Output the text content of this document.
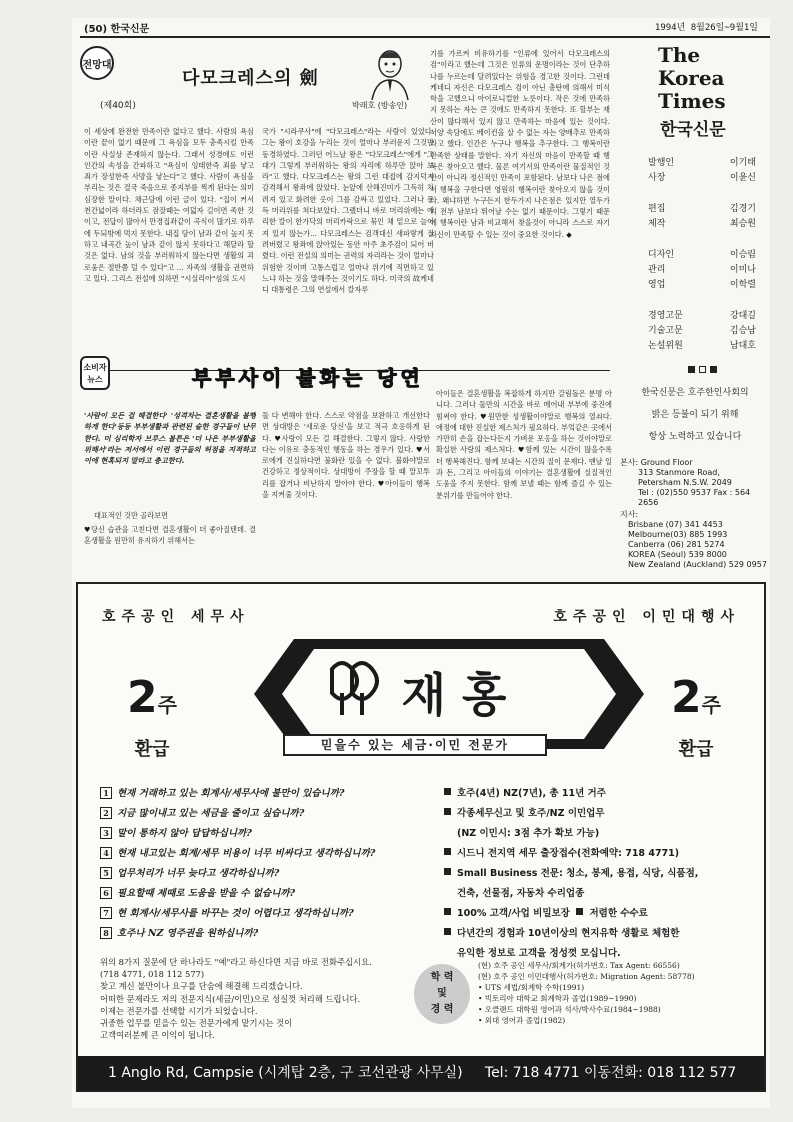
(50) 한국신문	1994년 8월26일~9월1일
전망대
다모크레스의 劍
(제40회)	박래호 (방송인)
이 세상에 완전한 만족이란 없다고 했다. 사람의 욕심이란 끝이 없기 때문에 그 욕심을 모두 충족시킬 만족이란 사실상 존재하지 않는다. 그래서 성경에도 이런 인간의 속성을 간파하고 "욕심이 잉태한즉 죄를 낳고 죄가 장성한즉 사망을 낳는다"고 했다. 사람이 욕심을 부리는 것은 결국 죽음으로 종지부를 찍게 된다는 의미심장한 말이다. 채근담에 이런 글이 있다. "집이 커서 천간넓이라 하더라도 잠잘때는 여덟자 길이면 족한 것이고, 전답이 많아서 만경집좌같이 곡식이 많기로 하루에 두되밖에 먹지 못한다. 내집 담이 남과 같이 높지 못하고 내곡간 높이 남과 같이 않지 못하다고 해달라 할 것은 없다. 남의 것을 부러워하지 않는다면 생활의 괴로움은 절반쯤 덜 수 있다"고 ... 자족의 생활을 권면하고 있다. 그리스 전설에 의하면 "시실리아"섬의 도시
국가 "시라쿠사"에 "다모크레스"라는 사람이 있었다. 그는 왕이 호강을 누리는 것이 얼마나 부러운지 그것만 동경하였다. 그러던 어느날 왕은 "다모크레스"에게 "그대가 그렇게 부러워하는 왕의 자리에 하루만 앉아 보라"고 했다. 다모크레스는 왕의 그런 대접에 감지덕지 감격해서 왕좌에 앉았다. 눈앞에 산해진미가 그득히 차려져 있고 화려한 옷이 그를 감싸고 있었다. 그러나 문득 머리위를 쳐다보았다. 그랬더니 바로 머리위에는 예리한 칼이 한가닥의 머리카락으로 묶인 채 밑으로 늘어져 있지 않는가... 다모크레스는 검객대신 새파랗게 질려버렸고 왕좌에 앉아있는 동안 아주 초주검이 되어 버렸다. 이런 전설의 의미는 권력의 자리라는 것이 얼마나 위험한 것이며 고통스럽고 얼마나 위기에 직면하고 있느냐 하는 것을 말해주는 것이기도 하다. 미국의 故케네디 대통령은 그의 연설에서 칼자루
기를 가르켜 비유하기를 "인류에 있어서 다모크레스의 검"이라고 했는데 그것은 인류의 운명이라는 것이 단추하나를 누르는데 달려있다는 위험을 경고한 것이다. 그런데 케네디 자신은 다모크레스 검이 아닌 총탄에 의해서 미식학을 고했으니 아이로니컬한 노릇이다. 작은 것에 만족하지 못하는 자는 큰 것에도 만족하지 못한다. 또 할부는 재산이 많다해서 있지 않고 만족하는 마음에 있는 것이다. 서양 속담에도 베이컨을 살 수 없는 자는 양배추로 만족하라고 했다. 인간은 누구나 행복을 추구한다. 그 행복이란 만족한 상태를 말한다. 자기 자신의 마음이 만족할 때 행복은 찾아오고 했다. 물론 여기서의 만족이란 물질적인 것만이 아니라 정신적인 만족이 포함된다. 남보다 나은 점에서 행복을 구한다면 영원히 행복이란 찾아오지 않을 것이다. 왜냐하면 누구든지 한두가지 나은점은 있지만 열두가지 전부 남보다 뛰어날 수는 없기 때문이다. 그렇기 때문에 행복이란 남과 비교해서 찾을것이 아니라 스스로 자기자신이 만족할 수 있는 것이 중요한 것이다. ◆
The
Korea
Times
한국신문
발행인	이기태
사장	이윤신
편집	김경기
제작	최승원
디자인	이승림
관리	이미나
영업	이학렬
경영고문	강대길
기술고문	김승남
논설위원	남대호
한국신문은 호주한인사회의
밝은 등불이 되기 위해
항상 노력하고 있습니다
본사: Ground Floor
313 Stanmore Road,
Petersham N.S.W. 2049
Tel : (02)550 9537 Fax : 564 2656
지사:
Brisbane (07) 341 4453
Melbourne(03) 885 1993
Canberra (06) 281 5274
KOREA (Seoul) 539 8000
New Zealand (Auckland) 529 0957
소비자
뉴스	부부사이 불화는 당연
'사람이 모든 걸 해결한다' '성격차는 결혼생활을 불행하게 한다'등등 부부생활과 관련된 숱한 경구들이 난무한다. 미 심리학자 브루스 볼튼은 '더 나은 부부생활을 위해서'라는 저서에서 이런 경구들의 허점을 지적하고 이에 현혹되지 말라고 충고한다.
대표적인 것만 골라보면
♥당신 습관을 고친다면 결혼생활이 더 좋아질텐데. 결혼생활을 원만히 유지하기 위해서는
둘 다 변해야 한다. 스스로 약점을 보완하고 개선한다면 상대방은 '새로운 당신'을 보고 적극 호응하게 된다. ♥사랑이 모든 걸 해결한다. 그렇지 않다. 사랑한다는 이유로 충동적인 행동을 하는 경우가 있다. ♥서로에게 진실하다면 불화란 있을 수 없다. 불화야말로 건강하고 정상적이다. 상대방이 주장을 할 때 말꼬투리를 잡거나 비난하지 말아야 한다. ♥아이들이 행복을 지켜줄 것이다.
아이들은 결혼생활을 복잡하게 하지만 갈림돌은 분명 아니다. 그러나 둘만의 시간을 바로 메어내 부부에 중진에 힘써야 한다. ♥원만한 성생활이야말로 행복의 열쇠다. 애정에 대한 진실한 제스처가 필요하다. 부엌같은 곳에서 가만히 손을 잡는다든지 가벼운 포옹을 하는 것이야말로 확실한 사랑의 제스처다. ♥함께 있는 시간이 많을수록 더 행복해진다. 함께 보내는 시간의 질이 문제다. 맨날 일과 돈, 그리고 아이들의 이야기는 결혼생활에 실질적인 도움을 주지 못한다. 함께 보낼 때는 함께 즐길 수 있는 분위기를 만들어야 한다.
호주공인 세무사	호주공인 이민대행사
2주
환급
2주
환급
재 홍
믿을수 있는 세금·이민 전문가
1 현재 거래하고 있는 회계사/세무사에 불만이 있습니까?
2 지금 많이내고 있는 세금을 줄이고 싶습니까?
3 말이 통하지 않아 답답하십니까?
4 현재 내고있는 회계/세무 비용이 너무 비싸다고 생각하십니까?
5 업무처리가 너무 늦다고 생각하십니까?
6 필요할때 제때로 도움을 받을 수 없습니까?
7 현 회계사/세무사를 바꾸는 것이 어렵다고 생각하십니까?
8 호주나 NZ 영주권을 원하십니까?
호주(4년) NZ(7년), 총 11년 거주
각종세무신고 및 호주/NZ 이민업무
(NZ 이민시: 3점 추가 확보 가능)
시드니 전지역 세무 출장접수(전화예약: 718 4771)
Small Business 전문: 청소, 봉제, 용접, 식당, 식품점,
건축, 선물점, 자동차 수리업종
100% 고객/사업 비밀보장 저렴한 수수료
다년간의 경험과 10년이상의 현지유학 생활로 체험한
유익한 정보로 고객을 정성껏 모십니다.
위의 8가지 질문에 단 하나라도 "예"라고 하신다면 지금 바로 전화주십시요.
(718 4771, 018 112 577)
찾고 계신 불만이나 요구를 단숨에 해결해 드리겠습니다.
어떠한 문제라도 저의 전문지식(세금/이민)으로 성실껏 처리해 드립니다.
이제는 전문가를 선택할 시기가 되었습니다.
귀중한 업무를 믿을수 있는 전문가에게 맡기시는 것이
고객여러분께 큰 이익이 됩니다.
학 력
및
경 력
(현) 호주 공인 세무사/회계가(허가번호: Tax Agent: 66556)
(현) 호주 공인 이민대행사(허가번호: Migration Agent: 58778)
• UTS 세법/회계학 수학(1991)
• 빅토리아 대학교 회계학과 졸업(1989~1990)
• 오클랜드 대학원 영어과 석사/박사수료(1984~1988)
• 외대 영어과 졸업(1982)
1 Anglo Rd, Campsie (시계탑 2층, 구 코선관광 사무실) Tel: 718 4771 이동전화: 018 112 577
